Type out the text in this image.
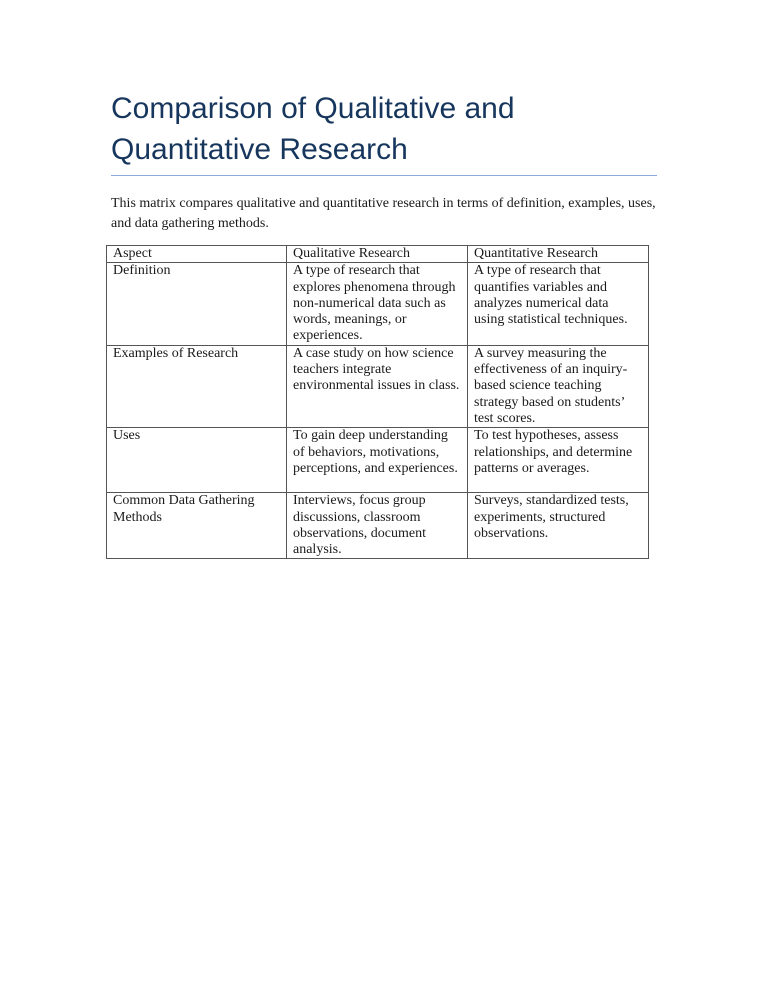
Comparison of Qualitative and Quantitative Research

This matrix compares qualitative and quantitative research in terms of definition, examples, uses, and data gathering methods.

Aspect	Qualitative Research	Quantitative Research
Definition	A type of research that explores phenomena through non-numerical data such as words, meanings, or experiences.	A type of research that quantifies variables and analyzes numerical data using statistical techniques.
Examples of Research	A case study on how science teachers integrate environmental issues in class.	A survey measuring the effectiveness of an inquiry-based science teaching strategy based on students’ test scores.
Uses	To gain deep understanding of behaviors, motivations, perceptions, and experiences.	To test hypotheses, assess relationships, and determine patterns or averages.
Common Data Gathering Methods	Interviews, focus group discussions, classroom observations, document analysis.	Surveys, standardized tests, experiments, structured observations.
